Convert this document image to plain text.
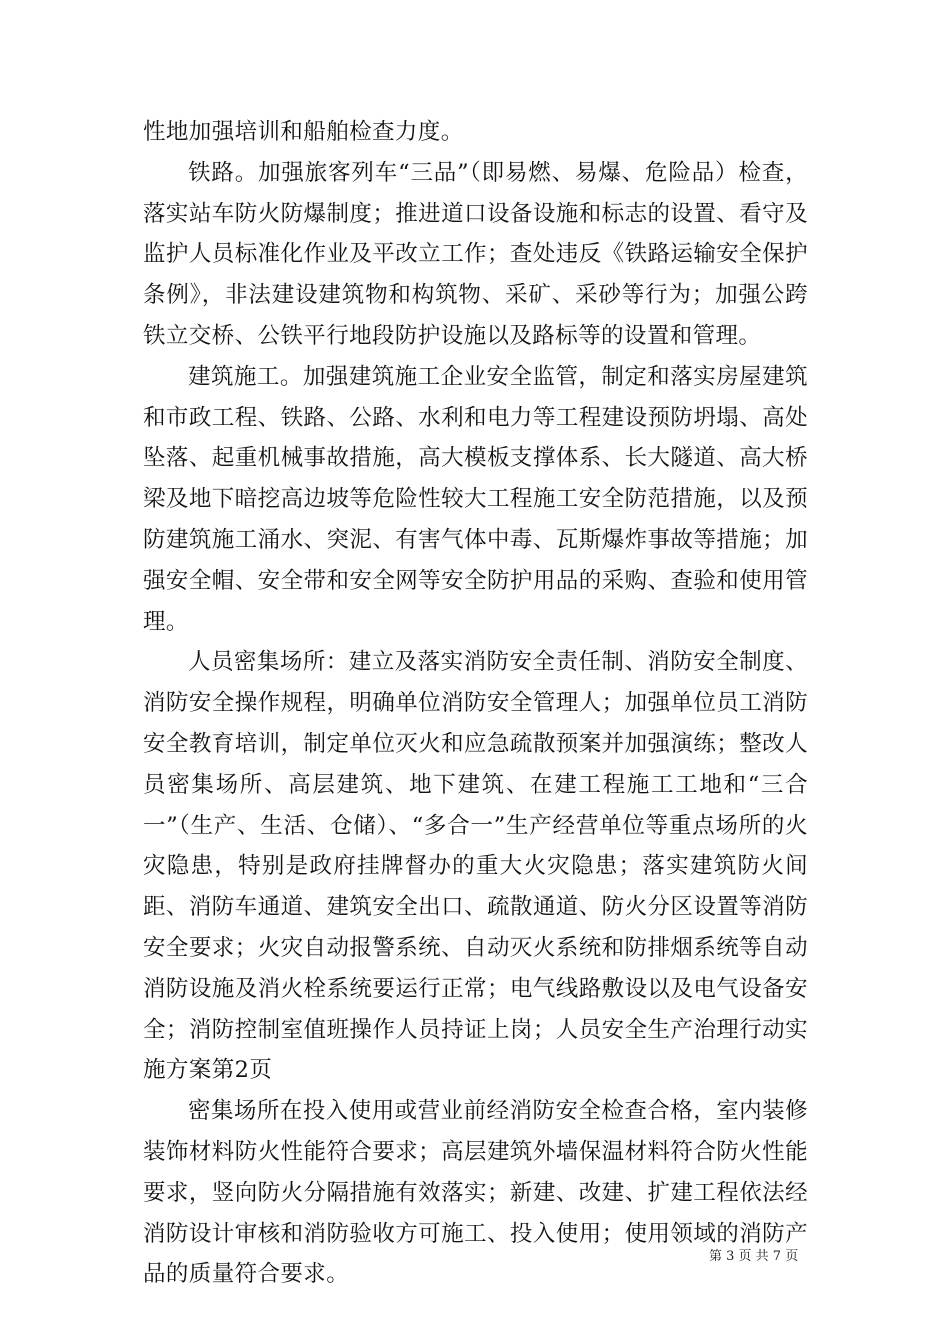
性地加强培训和船舶检查力度。

铁路。加强旅客列车“三品”（即易燃、易爆、危险品）检查，落实站车防火防爆制度；推进道口设备设施和标志的设置、看守及监护人员标准化作业及平改立工作；查处违反《铁路运输安全保护条例》，非法建设建筑物和构筑物、采矿、采砂等行为；加强公跨铁立交桥、公铁平行地段防护设施以及路标等的设置和管理。

建筑施工。加强建筑施工企业安全监管，制定和落实房屋建筑和市政工程、铁路、公路、水利和电力等工程建设预防坍塌、高处坠落、起重机械事故措施，高大模板支撑体系、长大隧道、高大桥梁及地下暗挖高边坡等危险性较大工程施工安全防范措施，以及预防建筑施工涌水、突泥、有害气体中毒、瓦斯爆炸事故等措施；加强安全帽、安全带和安全网等安全防护用品的采购、查验和使用管理。

人员密集场所：建立及落实消防安全责任制、消防安全制度、消防安全操作规程，明确单位消防安全管理人；加强单位员工消防安全教育培训，制定单位灭火和应急疏散预案并加强演练；整改人员密集场所、高层建筑、地下建筑、在建工程施工工地和“三合一”（生产、生活、仓储）、“多合一”生产经营单位等重点场所的火灾隐患，特别是政府挂牌督办的重大火灾隐患；落实建筑防火间距、消防车通道、建筑安全出口、疏散通道、防火分区设置等消防安全要求；火灾自动报警系统、自动灭火系统和防排烟系统等自动消防设施及消火栓系统要运行正常；电气线路敷设以及电气设备安全；消防控制室值班操作人员持证上岗；人员安全生产治理行动实施方案第2页

密集场所在投入使用或营业前经消防安全检查合格，室内装修装饰材料防火性能符合要求；高层建筑外墙保温材料符合防火性能要求，竖向防火分隔措施有效落实；新建、改建、扩建工程依法经消防设计审核和消防验收方可施工、投入使用；使用领域的消防产品的质量符合要求。

第 3 页 共 7 页
